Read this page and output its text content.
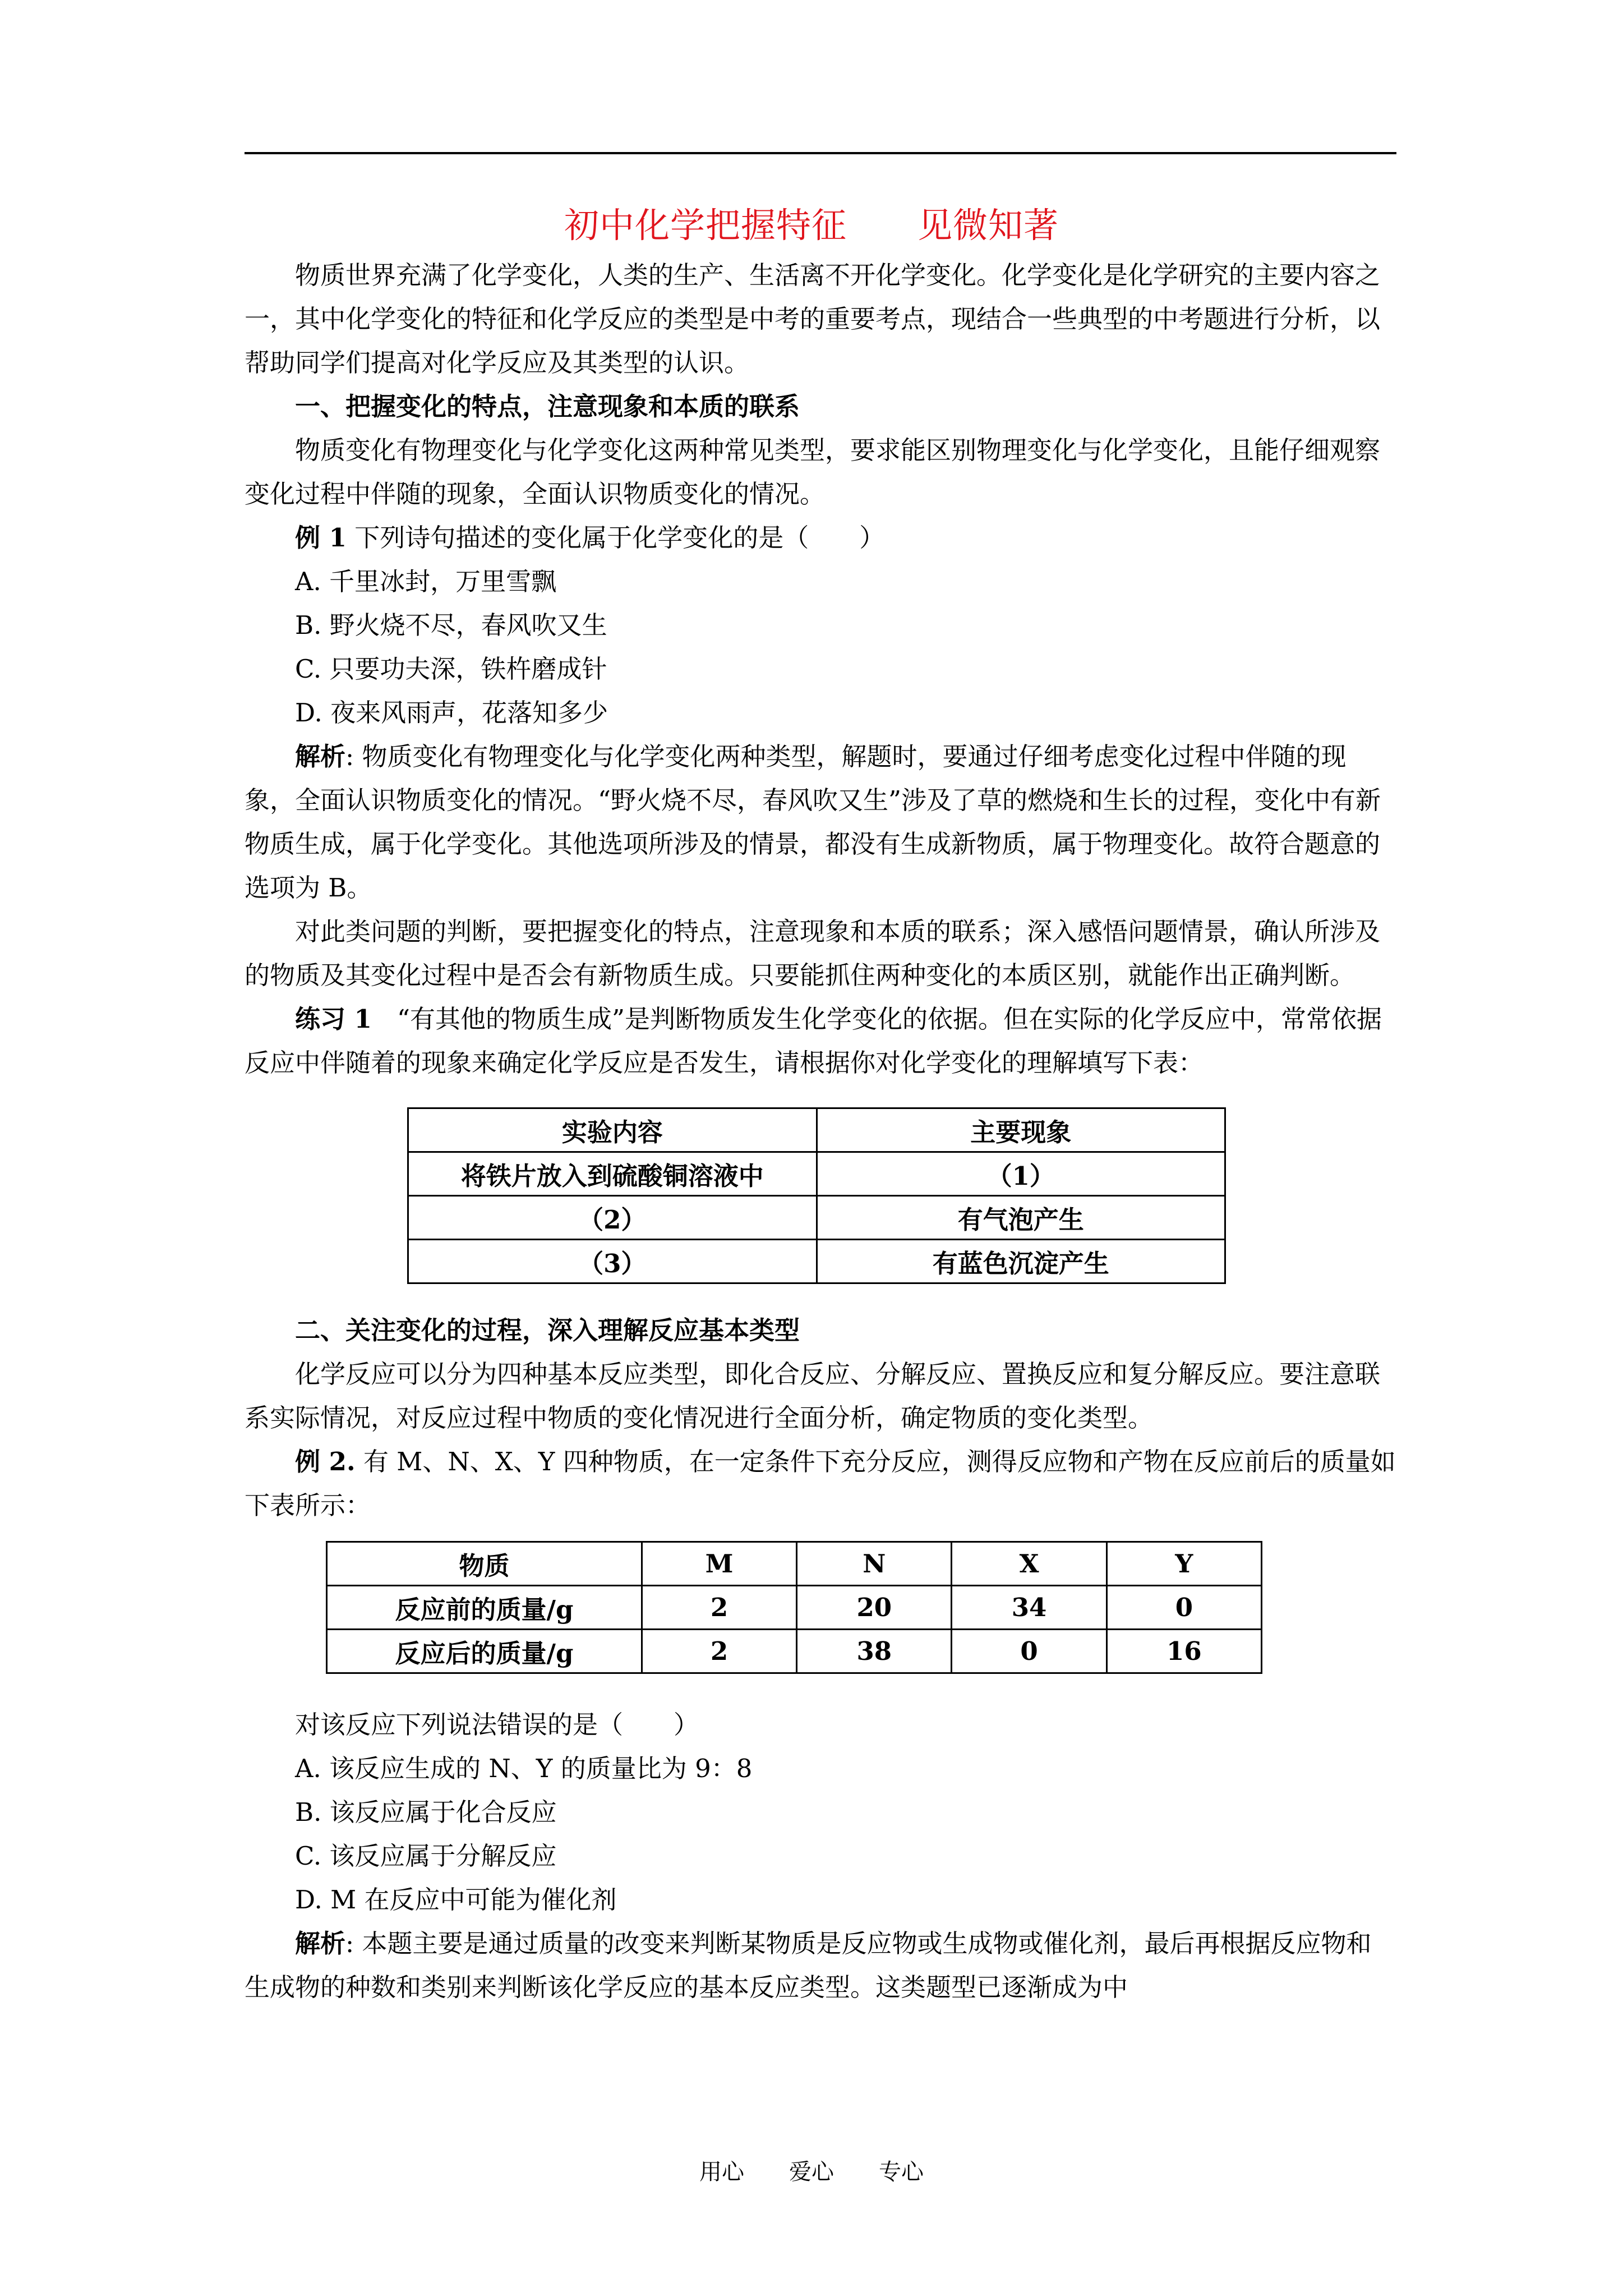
初中化学把握特征　　见微知著

物质世界充满了化学变化，人类的生产、生活离不开化学变化。化学变化是化学研究的主要内容之一，其中化学变化的特征和化学反应的类型是中考的重要考点，现结合一些典型的中考题进行分析，以帮助同学们提高对化学反应及其类型的认识。

一、把握变化的特点，注意现象和本质的联系

物质变化有物理变化与化学变化这两种常见类型，要求能区别物理变化与化学变化，且能仔细观察变化过程中伴随的现象，全面认识物质变化的情况。

例 1 下列诗句描述的变化属于化学变化的是（　　）

A. 千里冰封，万里雪飘

B. 野火烧不尽，春风吹又生

C. 只要功夫深，铁杵磨成针

D. 夜来风雨声，花落知多少

解析: 物质变化有物理变化与化学变化两种类型，解题时，要通过仔细考虑变化过程中伴随的现象，全面认识物质变化的情况。“野火烧不尽，春风吹又生”涉及了草的燃烧和生长的过程，变化中有新物质生成，属于化学变化。其他选项所涉及的情景，都没有生成新物质，属于物理变化。故符合题意的选项为 B。

对此类问题的判断，要把握变化的特点，注意现象和本质的联系；深入感悟问题情景，确认所涉及的物质及其变化过程中是否会有新物质生成。只要能抓住两种变化的本质区别，就能作出正确判断。

练习 1　“有其他的物质生成”是判断物质发生化学变化的依据。但在实际的化学反应中，常常依据反应中伴随着的现象来确定化学反应是否发生，请根据你对化学变化的理解填写下表：

实验内容	主要现象
将铁片放入到硫酸铜溶液中	（1）
（2）	有气泡产生
（3）	有蓝色沉淀产生

二、关注变化的过程，深入理解反应基本类型

化学反应可以分为四种基本反应类型，即化合反应、分解反应、置换反应和复分解反应。要注意联系实际情况，对反应过程中物质的变化情况进行全面分析，确定物质的变化类型。

例 2. 有 M、N、X、Y 四种物质，在一定条件下充分反应，测得反应物和产物在反应前后的质量如下表所示：

物质	M	N	X	Y
反应前的质量/g	2	20	34	0
反应后的质量/g	2	38	0	16

对该反应下列说法错误的是（　　）

A. 该反应生成的 N、Y 的质量比为 9：8

B. 该反应属于化合反应

C. 该反应属于分解反应

D. M 在反应中可能为催化剂

解析: 本题主要是通过质量的改变来判断某物质是反应物或生成物或催化剂，最后再根据反应物和生成物的种数和类别来判断该化学反应的基本反应类型。这类题型已逐渐成为中

用心　　爱心　　专心
